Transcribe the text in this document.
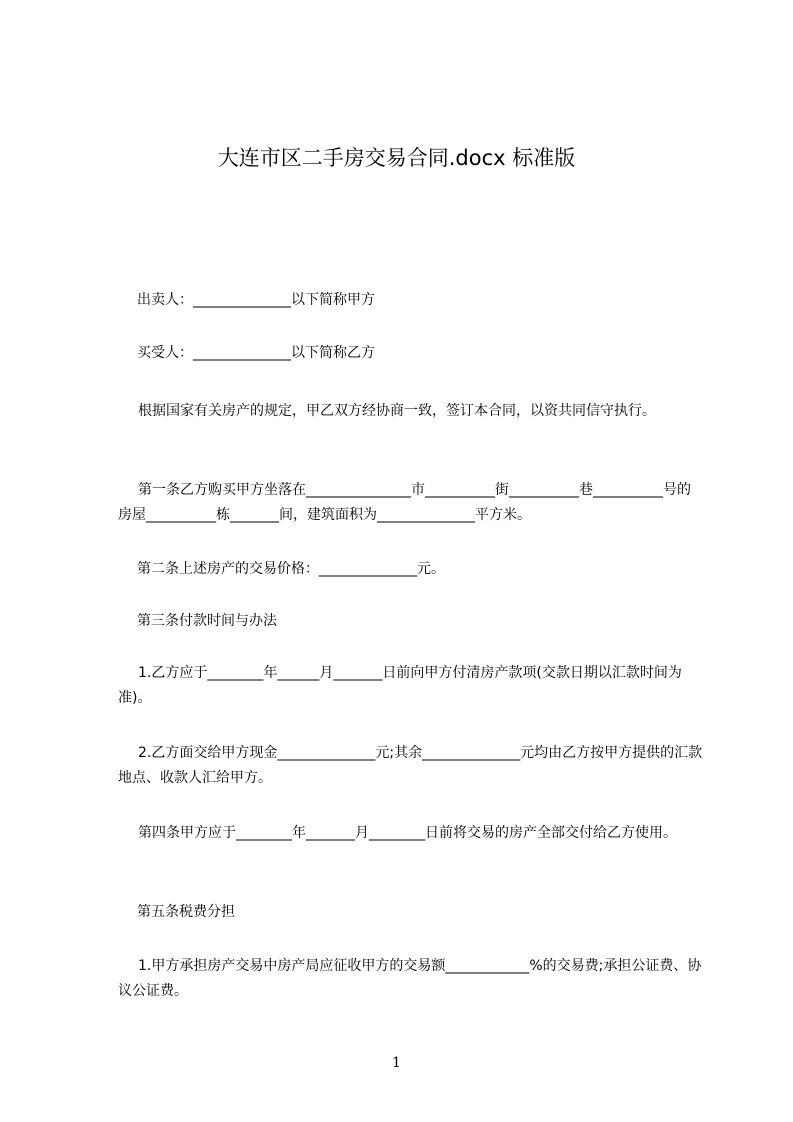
大连市区二手房交易合同.docx 标准版
出卖人：______________以下简称甲方
买受人：______________以下简称乙方
根据国家有关房产的规定，甲乙双方经协商一致，签订本合同，以资共同信守执行。
第一条乙方购买甲方坐落在_______________市__________街__________巷__________号的房屋__________栋_______间，建筑面积为______________平方米。
第二条上述房产的交易价格：______________元。
第三条付款时间与办法
1.乙方应于________年______月_______日前向甲方付清房产款项(交款日期以汇款时间为准)。
2.乙方面交给甲方现金______________元;其余______________元均由乙方按甲方提供的汇款地点、收款人汇给甲方。
第四条甲方应于________年_______月________日前将交易的房产全部交付给乙方使用。
第五条税费分担
1.甲方承担房产交易中房产局应征收甲方的交易额____________%的交易费;承担公证费、协议公证费。
1
